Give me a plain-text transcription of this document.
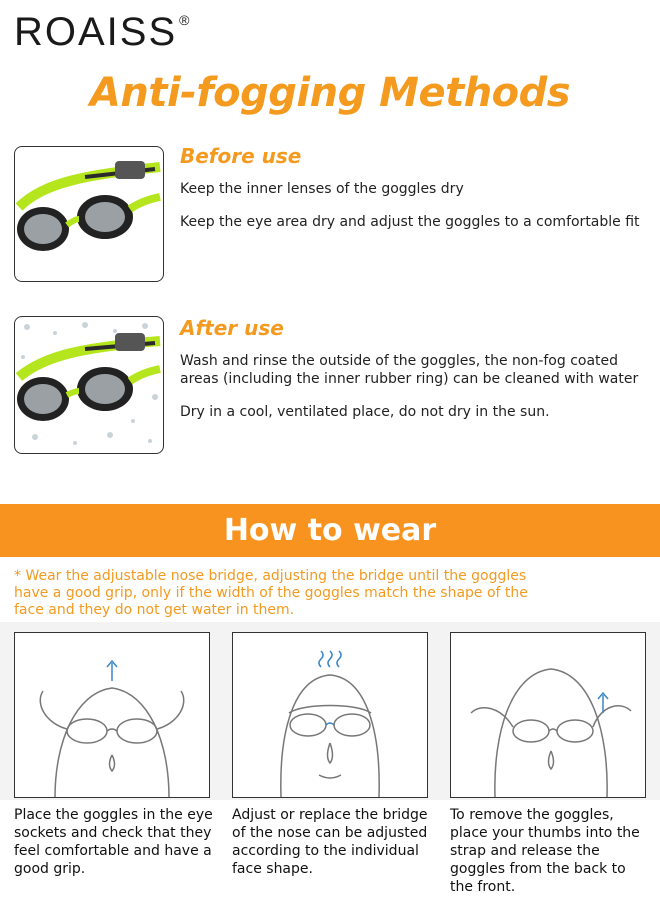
ROAISS ®
Anti-fogging Methods
Before use
Keep the inner lenses of the goggles dry
Keep the eye area dry and adjust the goggles to a comfortable fit
After use
Wash and rinse the outside of the goggles, the non-fog coated areas (including the inner rubber ring) can be cleaned with water
Dry in a cool, ventilated place, do not dry in the sun.
How to wear
* Wear the adjustable nose bridge, adjusting the bridge until the goggles have a good grip, only if the width of the goggles match the shape of the face and they do not get water in them.
Place the goggles in the eye sockets and check that they feel comfortable and have a good grip.
Adjust or replace the bridge of the nose can be adjusted according to the individual face shape.
To remove the goggles, place your thumbs into the strap and release the goggles from the back to the front.
